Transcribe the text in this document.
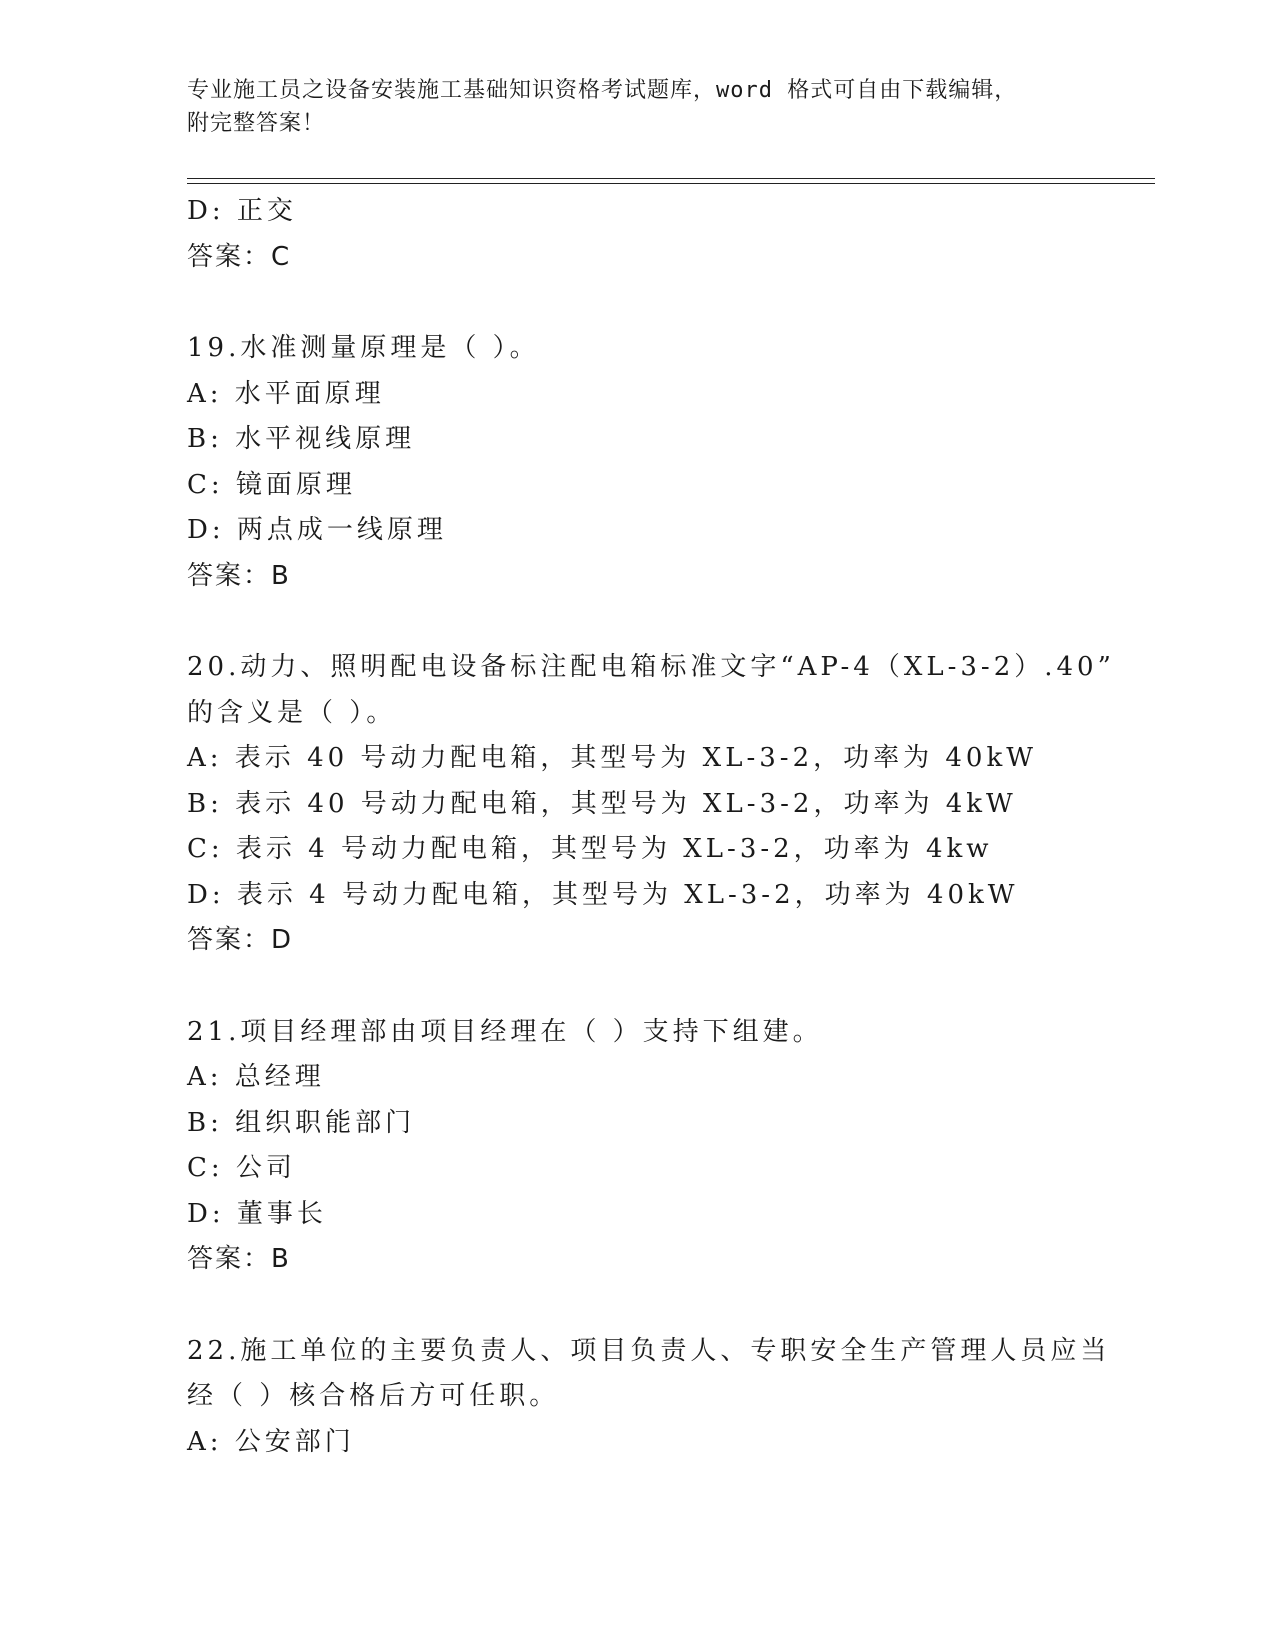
专业施工员之设备安装施工基础知识资格考试题库，word 格式可自由下载编辑，
附完整答案！
D: 正交
答案：C
19.水准测量原理是（ ）。
A: 水平面原理
B: 水平视线原理
C: 镜面原理
D: 两点成一线原理
答案：B
20.动力、照明配电设备标注配电箱标准文字“AP-4（XL-3-2）.40”
的含义是（ ）。
A: 表示 40 号动力配电箱，其型号为 XL-3-2，功率为 40kW
B: 表示 40 号动力配电箱，其型号为 XL-3-2，功率为 4kW
C: 表示 4 号动力配电箱，其型号为 XL-3-2，功率为 4kw
D: 表示 4 号动力配电箱，其型号为 XL-3-2，功率为 40kW
答案：D
21.项目经理部由项目经理在（ ）支持下组建。
A: 总经理
B: 组织职能部门
C: 公司
D: 董事长
答案：B
22.施工单位的主要负责人、项目负责人、专职安全生产管理人员应当
经（ ）核合格后方可任职。
A: 公安部门
